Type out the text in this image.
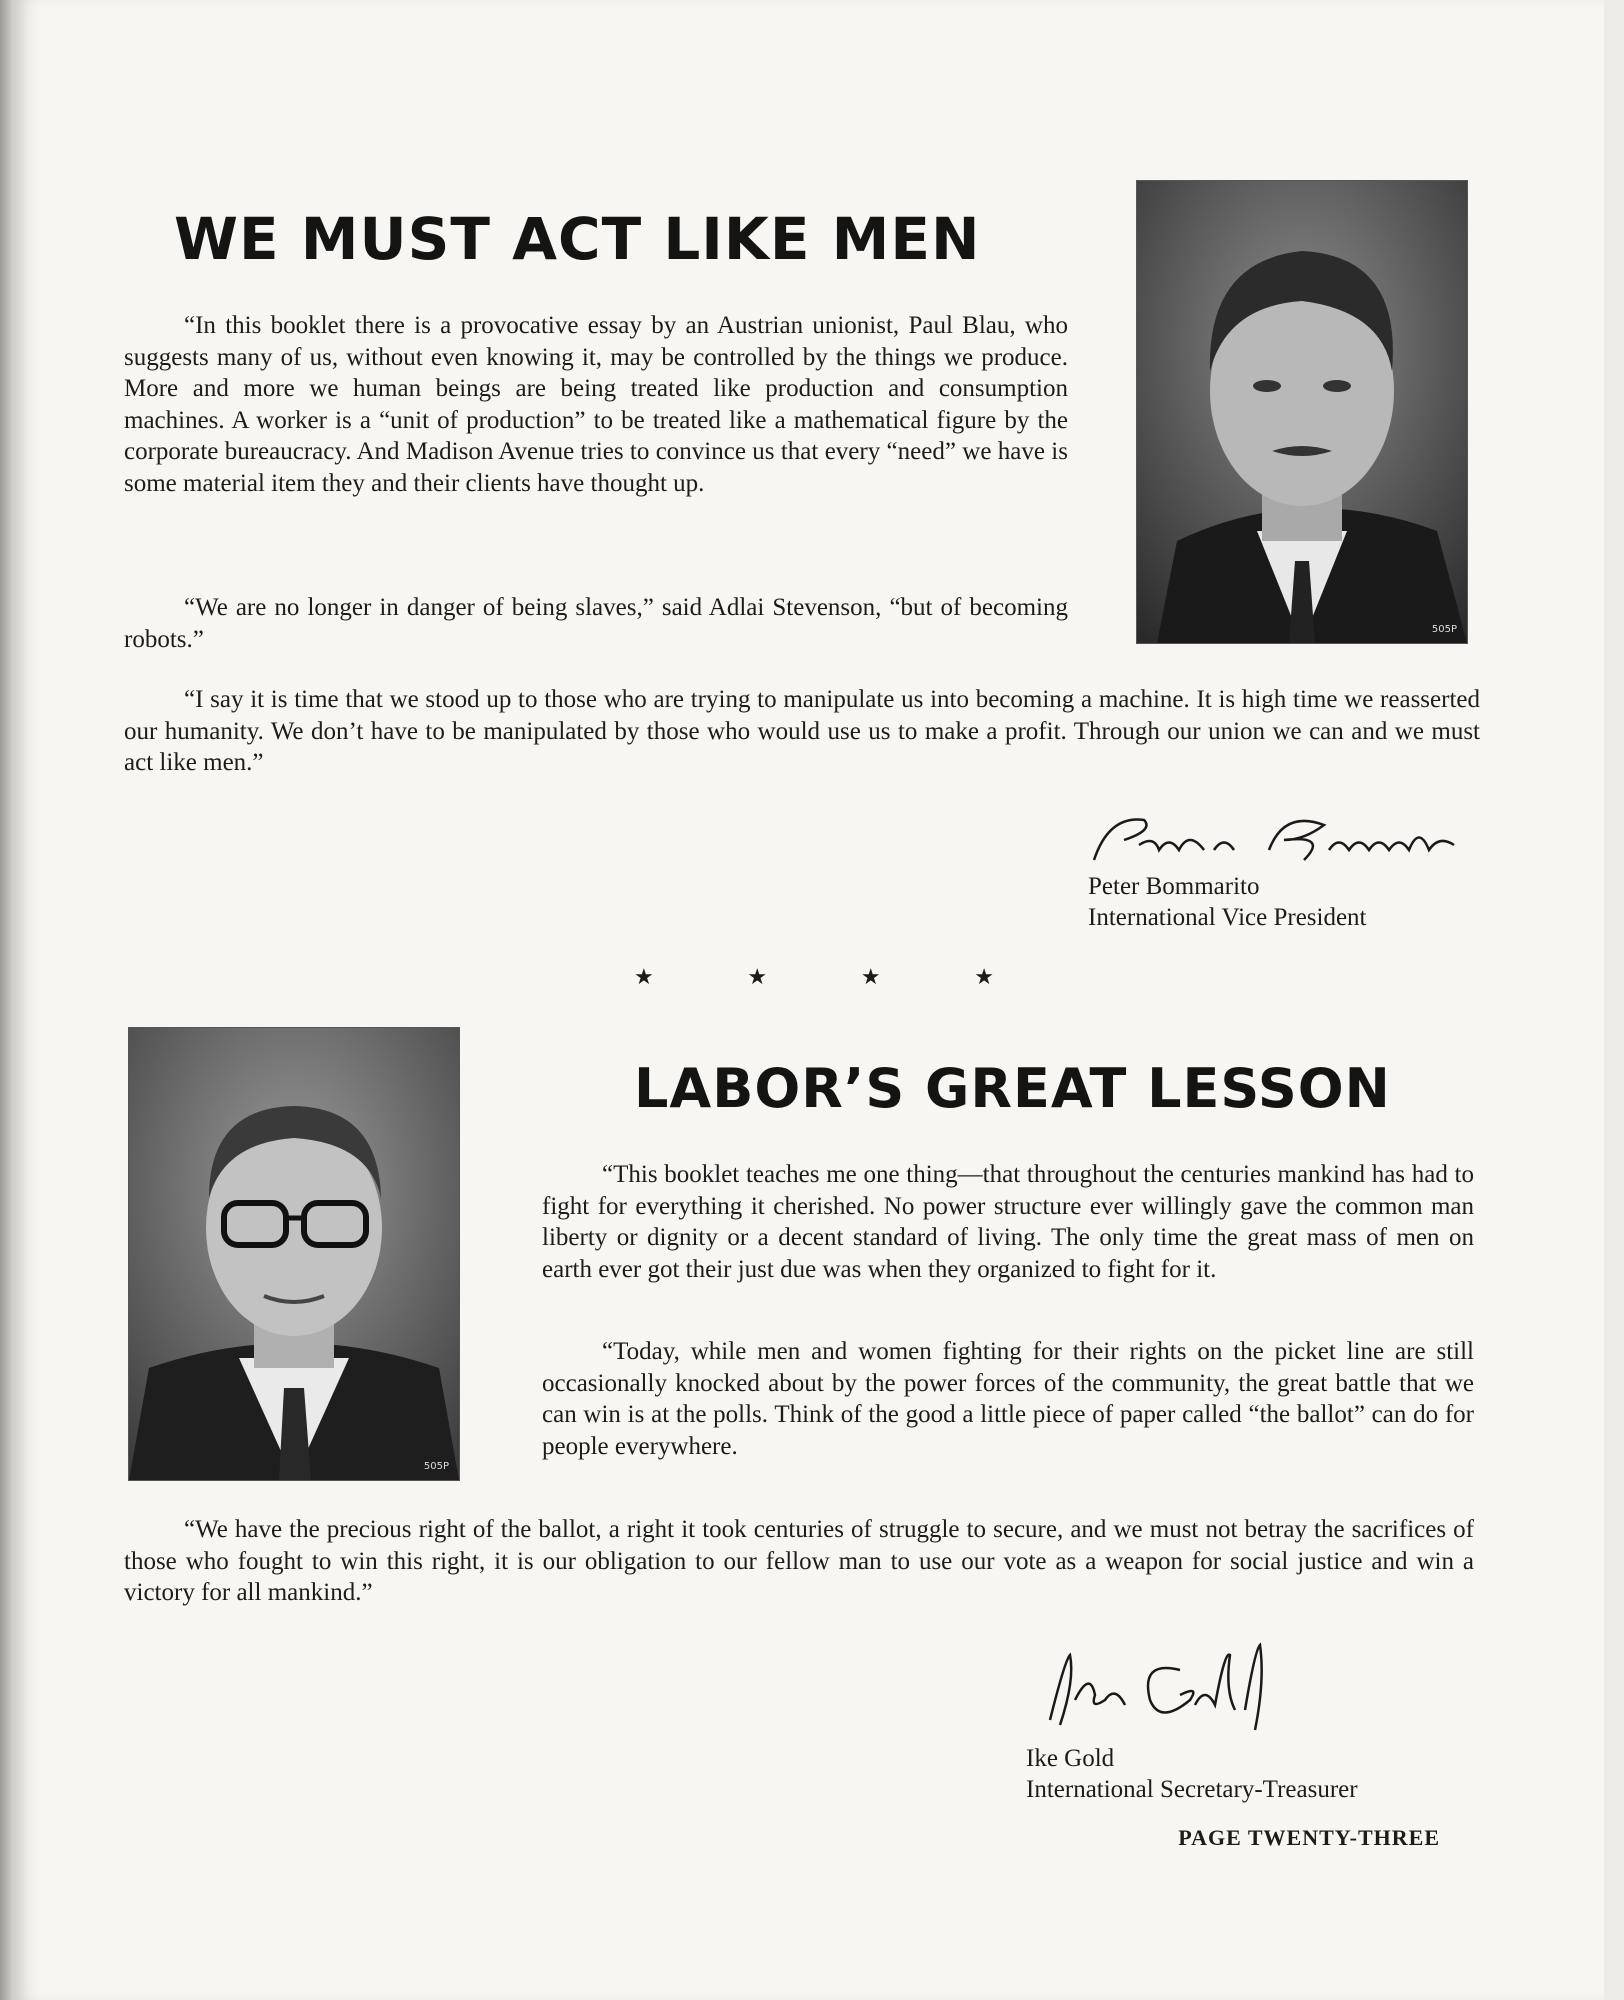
WE MUST ACT LIKE MEN

“In this booklet there is a provocative essay by an Austrian unionist, Paul Blau, who suggests many of us, without even knowing it, may be controlled by the things we produce. More and more we human beings are being treated like production and consumption machines. A worker is a “unit of production” to be treated like a mathematical figure by the corporate bureaucracy. And Madison Avenue tries to convince us that every “need” we have is some material item they and their clients have thought up.

“We are no longer in danger of being slaves,” said Adlai Stevenson, “but of becoming robots.”

“I say it is time that we stood up to those who are trying to manipulate us into becoming a machine. It is high time we reasserted our humanity. We don’t have to be manipulated by those who would use us to make a profit. Through our union we can and we must act like men.”

505P

Peter Bommarito

International Vice President

★	★	★	★
505P
LABOR’S GREAT LESSON

“This booklet teaches me one thing—that throughout the centuries mankind has had to fight for everything it cherished. No power structure ever willingly gave the common man liberty or dignity or a decent standard of living. The only time the great mass of men on earth ever got their just due was when they organized to fight for it.

“Today, while men and women fighting for their rights on the picket line are still occasionally knocked about by the power forces of the community, the great battle that we can win is at the polls. Think of the good a little piece of paper called “the ballot” can do for people everywhere.

“We have the precious right of the ballot, a right it took centuries of struggle to secure, and we must not betray the sacrifices of those who fought to win this right, it is our obligation to our fellow man to use our vote as a weapon for social justice and win a victory for all mankind.”

Ike Gold

International Secretary-Treasurer

PAGE TWENTY-THREE
